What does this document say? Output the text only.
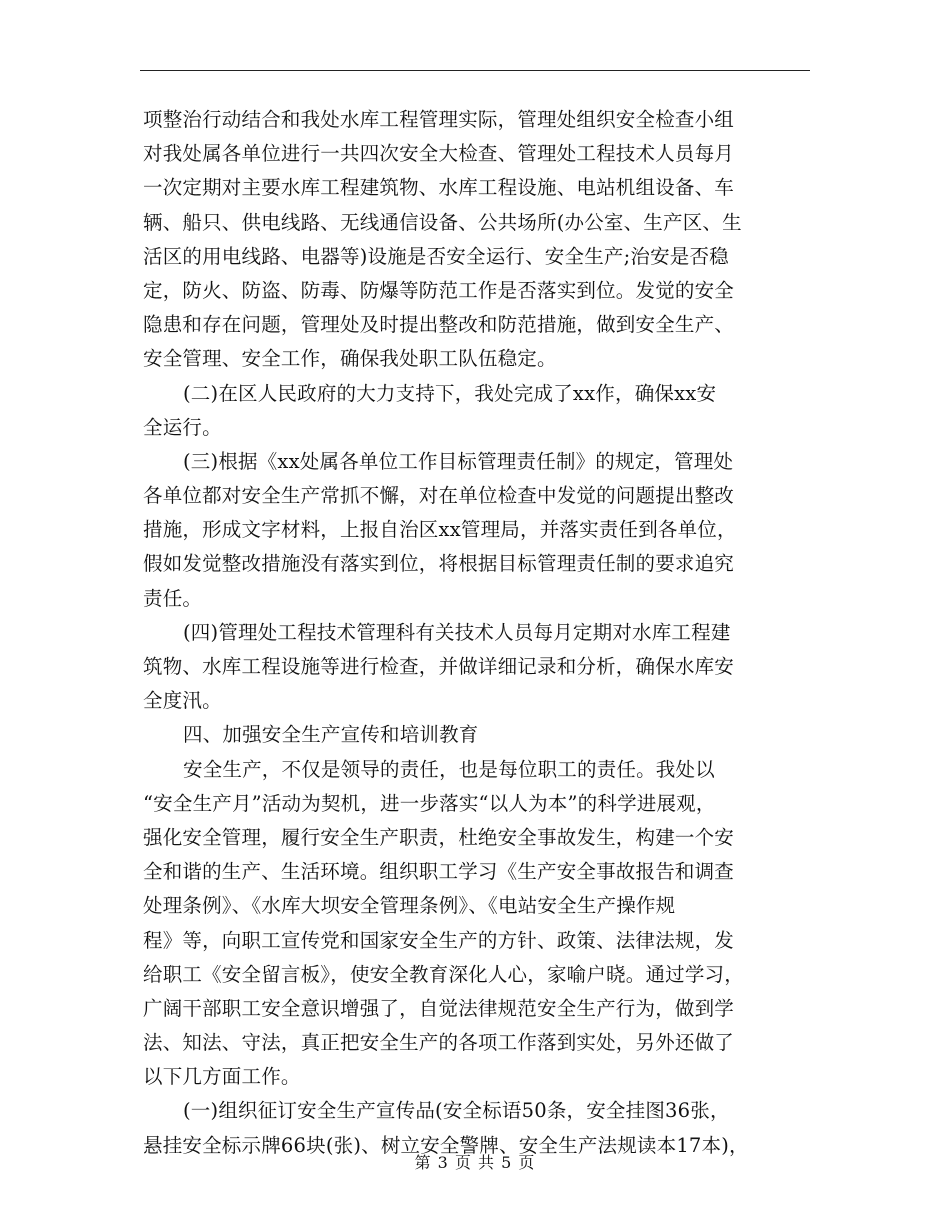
项整治行动结合和我处水库工程管理实际，管理处组织安全检查小组
对我处属各单位进行一共四次安全大检查、管理处工程技术人员每月
一次定期对主要水库工程建筑物、水库工程设施、电站机组设备、车
辆、船只、供电线路、无线通信设备、公共场所(办公室、生产区、生
活区的用电线路、电器等)设施是否安全运行、安全生产;治安是否稳
定，防火、防盗、防毒、防爆等防范工作是否落实到位。发觉的安全
隐患和存在问题，管理处及时提出整改和防范措施，做到安全生产、
安全管理、安全工作，确保我处职工队伍稳定。
(二)在区人民政府的大力支持下，我处完成了xx作，确保xx安
全运行。
(三)根据《xx处属各单位工作目标管理责任制》的规定，管理处
各单位都对安全生产常抓不懈，对在单位检查中发觉的问题提出整改
措施，形成文字材料，上报自治区xx管理局，并落实责任到各单位，
假如发觉整改措施没有落实到位，将根据目标管理责任制的要求追究
责任。
(四)管理处工程技术管理科有关技术人员每月定期对水库工程建
筑物、水库工程设施等进行检查，并做详细记录和分析，确保水库安
全度汛。
四、加强安全生产宣传和培训教育
安全生产，不仅是领导的责任，也是每位职工的责任。我处以
“安全生产月”活动为契机，进一步落实“以人为本”的科学进展观，
强化安全管理，履行安全生产职责，杜绝安全事故发生，构建一个安
全和谐的生产、生活环境。组织职工学习《生产安全事故报告和调查
处理条例》、《水库大坝安全管理条例》、《电站安全生产操作规
程》等，向职工宣传党和国家安全生产的方针、政策、法律法规，发
给职工《安全留言板》，使安全教育深化人心，家喻户晓。通过学习，
广阔干部职工安全意识增强了，自觉法律规范安全生产行为，做到学
法、知法、守法，真正把安全生产的各项工作落到实处，另外还做了
以下几方面工作。
(一)组织征订安全生产宣传品(安全标语50条，安全挂图36张，
悬挂安全标示牌66块(张)、树立安全警牌、安全生产法规读本17本)，
第 3 页 共 5 页
